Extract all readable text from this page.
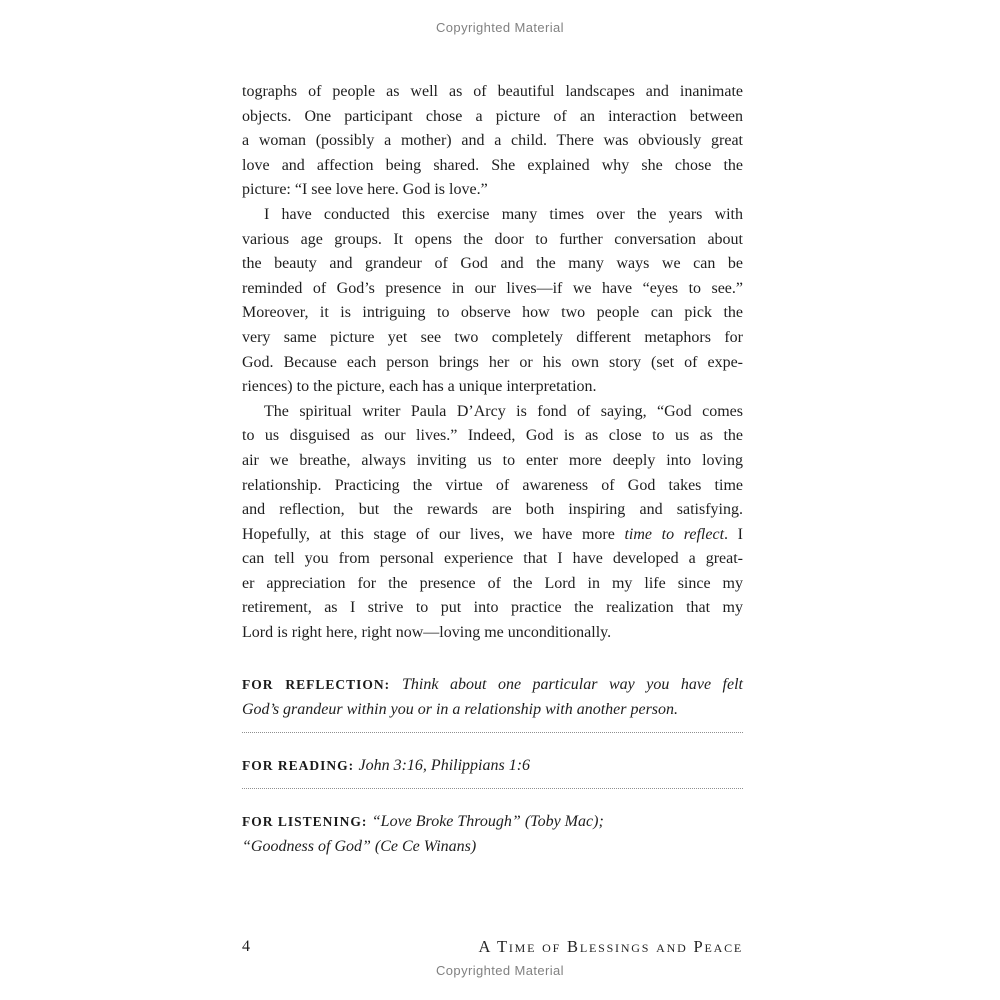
Copyrighted Material
tographs of people as well as of beautiful landscapes and inanimate
objects. One participant chose a picture of an interaction between
a woman (possibly a mother) and a child. There was obviously great
love and affection being shared. She explained why she chose the
picture: “I see love here. God is love.”
I have conducted this exercise many times over the years with
various age groups. It opens the door to further conversation about
the beauty and grandeur of God and the many ways we can be
reminded of God’s presence in our lives—if we have “eyes to see.”
Moreover, it is intriguing to observe how two people can pick the
very same picture yet see two completely different metaphors for
God. Because each person brings her or his own story (set of expe-
riences) to the picture, each has a unique interpretation.
The spiritual writer Paula D’Arcy is fond of saying, “God comes
to us disguised as our lives.” Indeed, God is as close to us as the
air we breathe, always inviting us to enter more deeply into loving
relationship. Practicing the virtue of awareness of God takes time
and reflection, but the rewards are both inspiring and satisfying.
Hopefully, at this stage of our lives, we have more time to reflect. I
can tell you from personal experience that I have developed a great-
er appreciation for the presence of the Lord in my life since my
retirement, as I strive to put into practice the realization that my
Lord is right here, right now—loving me unconditionally.
FOR REFLECTION: Think about one particular way you have felt
God’s grandeur within you or in a relationship with another person.
FOR READING: John 3:16, Philippians 1:6
FOR LISTENING: “Love Broke Through” (Toby Mac);
“Goodness of God” (Ce Ce Winans)
4	A Time of Blessings and Peace
Copyrighted Material
